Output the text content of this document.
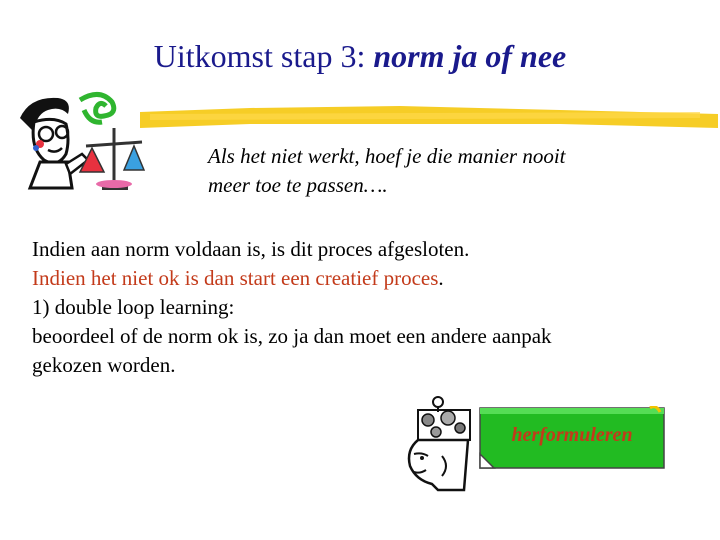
Uitkomst stap 3: norm ja of nee
Als het niet werkt, hoef je die manier nooit
meer toe te passen….
Indien aan norm voldaan is, is dit proces afgesloten.
Indien het niet ok is dan start een creatief proces.
1) double loop learning:
beoordeel of de norm ok is, zo ja dan moet een andere aanpak
gekozen worden.
herformuleren
